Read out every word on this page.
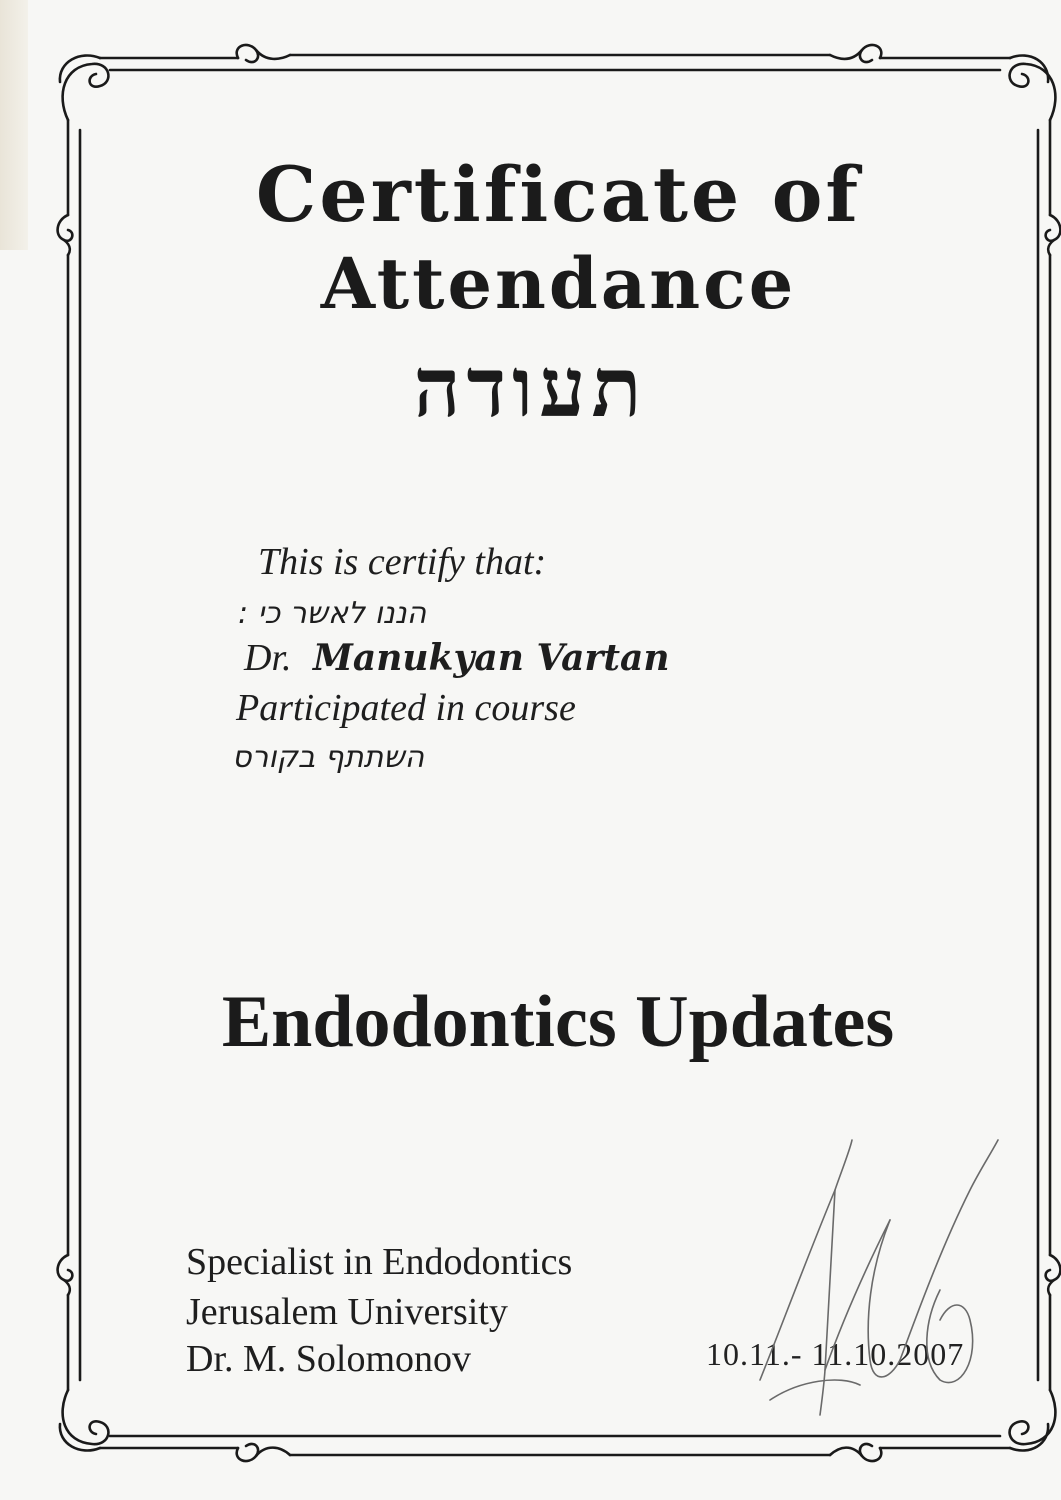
Certificate of
Attendance
תעודה
This is certify that:
הננו לאשר כי :
Dr. Manukyan Vartan
Participated in course
השתתף בקורס
Endodontics Updates
Specialist in Endodontics
Jerusalem University
Dr. M. Solomonov	10.11.- 11.10.2007
